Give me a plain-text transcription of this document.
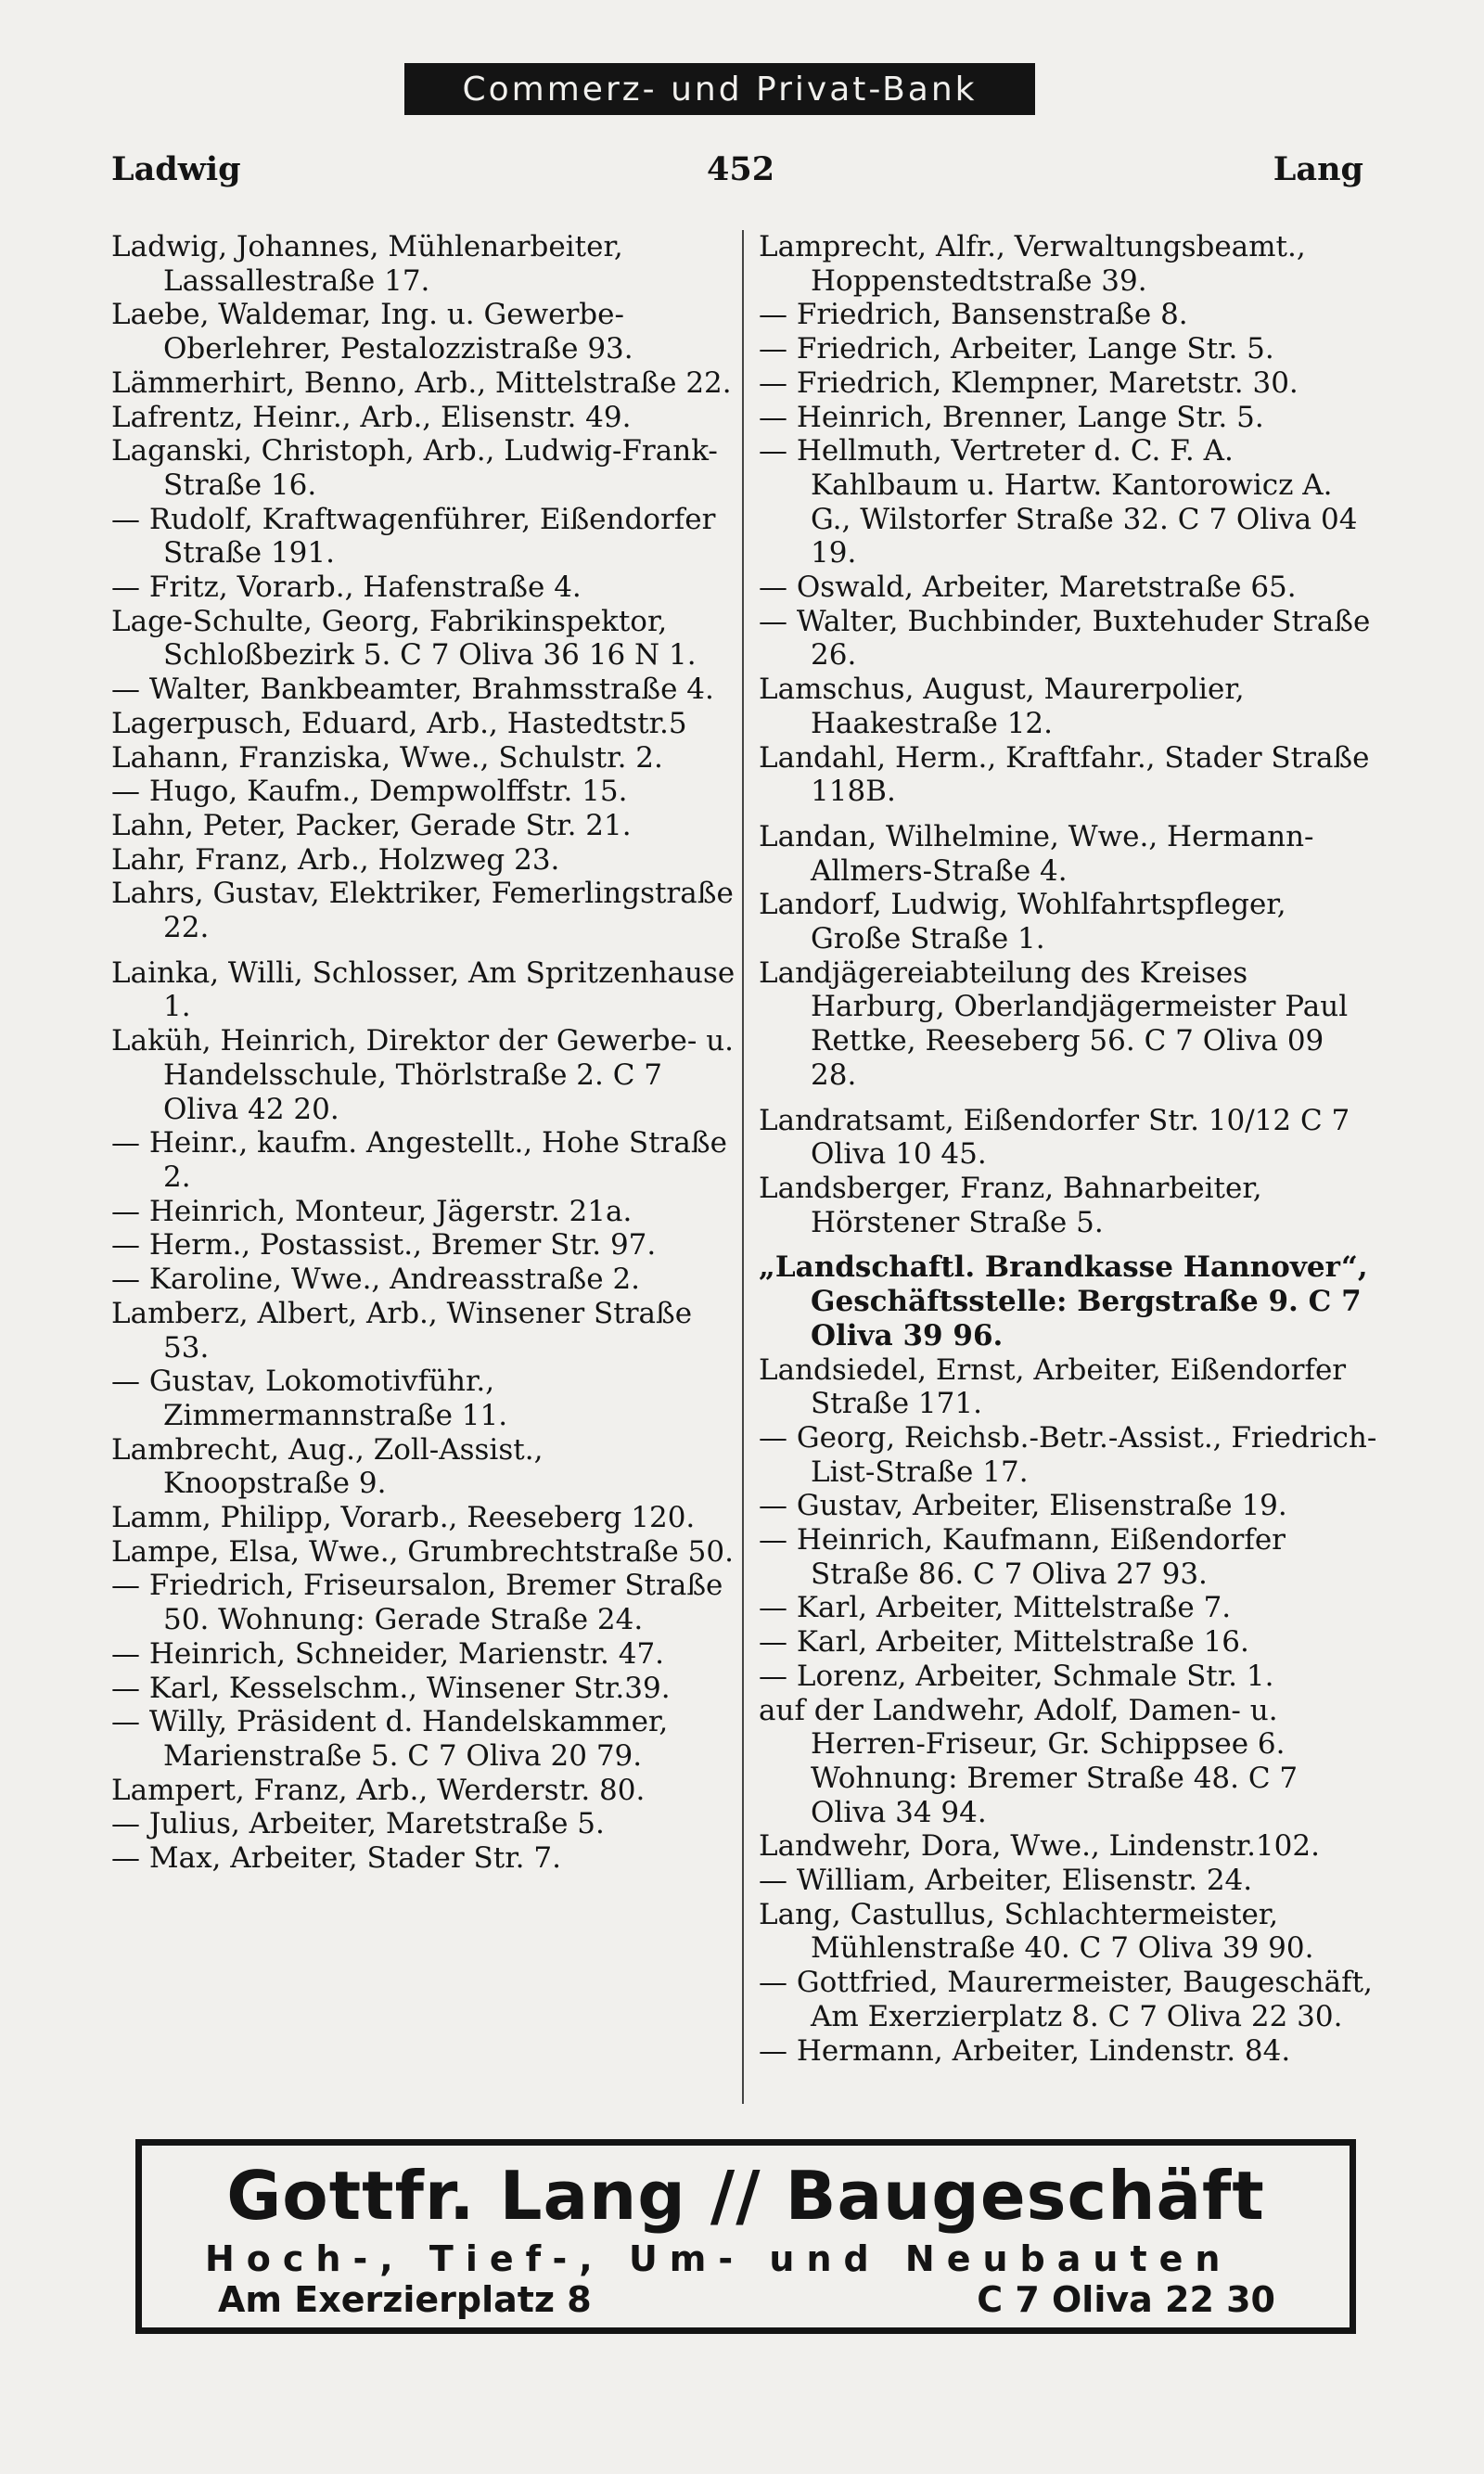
Commerz- und Privat-Bank
Ladwig	452	Lang

Ladwig, Johannes, Mühlenarbeiter, Lassallestraße 17.

Laebe, Waldemar, Ing. u. Gewerbe-Oberlehrer, Pestalozzistraße 93.

Lämmerhirt, Benno, Arb., Mittelstraße 22.

Lafrentz, Heinr., Arb., Elisenstr. 49.

Laganski, Christoph, Arb., Ludwig-Frank-Straße 16.

— Rudolf, Kraftwagenführer, Eißendorfer Straße 191.

— Fritz, Vorarb., Hafenstraße 4.

Lage-Schulte, Georg, Fabrikinspektor, Schloßbezirk 5. C 7 Oliva 36 16 N 1.

— Walter, Bankbeamter, Brahmsstraße 4.

Lagerpusch, Eduard, Arb., Hastedtstr.5

Lahann, Franziska, Wwe., Schulstr. 2.

— Hugo, Kaufm., Dempwolffstr. 15.

Lahn, Peter, Packer, Gerade Str. 21.

Lahr, Franz, Arb., Holzweg 23.

Lahrs, Gustav, Elektriker, Femerlingstraße 22.

Lainka, Willi, Schlosser, Am Spritzenhause 1.

Laküh, Heinrich, Direktor der Gewerbe- u. Handelsschule, Thörlstraße 2. C 7 Oliva 42 20.

— Heinr., kaufm. Angestellt., Hohe Straße 2.

— Heinrich, Monteur, Jägerstr. 21a.

— Herm., Postassist., Bremer Str. 97.

— Karoline, Wwe., Andreasstraße 2.

Lamberz, Albert, Arb., Winsener Straße 53.

— Gustav, Lokomotivführ., Zimmermannstraße 11.

Lambrecht, Aug., Zoll-Assist., Knoopstraße 9.

Lamm, Philipp, Vorarb., Reeseberg 120.

Lampe, Elsa, Wwe., Grumbrechtstraße 50.

— Friedrich, Friseursalon, Bremer Straße 50. Wohnung: Gerade Straße 24.

— Heinrich, Schneider, Marienstr. 47.

— Karl, Kesselschm., Winsener Str.39.

— Willy, Präsident d. Handelskammer, Marienstraße 5. C 7 Oliva 20 79.

Lampert, Franz, Arb., Werderstr. 80.

— Julius, Arbeiter, Maretstraße 5.

— Max, Arbeiter, Stader Str. 7.

Lamprecht, Alfr., Verwaltungsbeamt., Hoppenstedtstraße 39.

— Friedrich, Bansenstraße 8.

— Friedrich, Arbeiter, Lange Str. 5.

— Friedrich, Klempner, Maretstr. 30.

— Heinrich, Brenner, Lange Str. 5.

— Hellmuth, Vertreter d. C. F. A. Kahlbaum u. Hartw. Kantorowicz A. G., Wilstorfer Straße 32. C 7 Oliva 04 19.

— Oswald, Arbeiter, Maretstraße 65.

— Walter, Buchbinder, Buxtehuder Straße 26.

Lamschus, August, Maurerpolier, Haakestraße 12.

Landahl, Herm., Kraftfahr., Stader Straße 118B.

Landan, Wilhelmine, Wwe., Hermann-Allmers-Straße 4.

Landorf, Ludwig, Wohlfahrtspfleger, Große Straße 1.

Landjägereiabteilung des Kreises Harburg, Oberlandjägermeister Paul Rettke, Reeseberg 56. C 7 Oliva 09 28.

Landratsamt, Eißendorfer Str. 10/12 C 7 Oliva 10 45.

Landsberger, Franz, Bahnarbeiter, Hörstener Straße 5.

„Landschaftl. Brandkasse Hannover“, Geschäftsstelle: Bergstraße 9. C 7 Oliva 39 96.

Landsiedel, Ernst, Arbeiter, Eißendorfer Straße 171.

— Georg, Reichsb.-Betr.-Assist., Friedrich-List-Straße 17.

— Gustav, Arbeiter, Elisenstraße 19.

— Heinrich, Kaufmann, Eißendorfer Straße 86. C 7 Oliva 27 93.

— Karl, Arbeiter, Mittelstraße 7.

— Karl, Arbeiter, Mittelstraße 16.

— Lorenz, Arbeiter, Schmale Str. 1.

auf der Landwehr, Adolf, Damen- u. Herren-Friseur, Gr. Schippsee 6. Wohnung: Bremer Straße 48. C 7 Oliva 34 94.

Landwehr, Dora, Wwe., Lindenstr.102.

— William, Arbeiter, Elisenstr. 24.

Lang, Castullus, Schlachtermeister, Mühlenstraße 40. C 7 Oliva 39 90.

— Gottfried, Maurermeister, Baugeschäft, Am Exerzierplatz 8. C 7 Oliva 22 30.

— Hermann, Arbeiter, Lindenstr. 84.

Gottfr. Lang // Baugeschäft
Hoch-, Tief-, Um- und Neubauten
Am Exerzierplatz 8	C 7 Oliva 22 30
